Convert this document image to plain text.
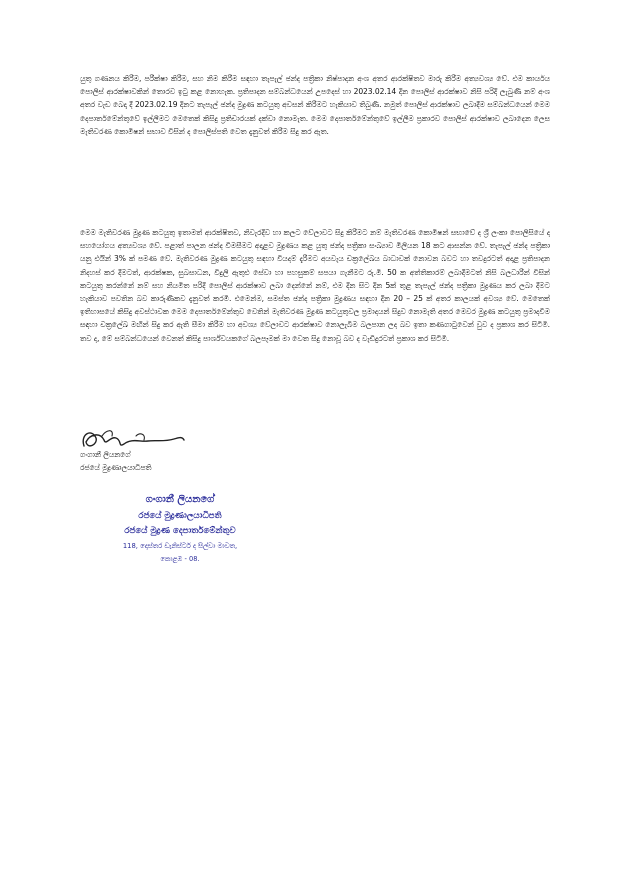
යුතු ගණනය කිරීම, පරීක්ෂා කිරීම, සහ නිම කිරීම සඳහා තැපැල් ඡන්ද පත්‍රිකා නිෂ්පාදන අංශ අතර ආරක්ෂිතව මාරු කිරීම අත්‍යවශ්‍ය වේ. එම කාර්යය පොලිස් ආරක්ෂාවකින් තොරව ඉටු කළ නොහැක. ප්‍රතිපාදන සම්බන්ධයෙන් උපදෙස් හා 2023.02.14 දින පොලිස් ආරක්ෂාව නිසි පරිදි ලැබුණි නම් අංශ අතර වැඩ බෙදා දී 2023.02.19 දිනට තැපැල් ඡන්ද මුද්‍රණ කටයුතු අවසන් කිරීමට හැකියාව තිබුණි. නමුත් පොලිස් ආරක්ෂාව ලබාදීම සම්බන්ධයෙන් මෙම දෙපාර්තමේන්තුවේ ඉල්ලීමට මෙතෙක් කිසිදු ප්‍රතිචාරයක් දක්වා නොමැත. මෙම දෙපාර්තමේන්තුවේ ඉල්ලීම ප්‍රකාරව පොලිස් ආරක්ෂාව ලබාදෙන ලෙස මැතිවරණ කොමිෂන් සභාව විසින් ද පොලිස්පති වෙත දැනුවත් කිරීම සිදු කර ඇත.

මෙම මැතිවරණ මුද්‍රණ කටයුතු ඉතාමත් ආරක්ෂිතව, නිවැරදිව හා කලට වේලාවට සිදු කිරීමට නම් මැතිවරණ කොමිෂන් සභාවේ ද ශ්‍රී ලංකා පොලිසියේ ද සහයෝගය අත්‍යවශ්‍ය වේ. පළාත් පාලන ඡන්ද විමසීමට අදාළව මුද්‍රණය කළ යුතු ඡන්ද පත්‍රිකා සංඛ්‍යාව මිලියන 18 කට ආසන්න වේ. තැපැල් ඡන්ද පත්‍රිකා යනු එයින් 3% ක් පමණ වේ. මැතිවරණ මුද්‍රණ කටයුතු සඳහා වියදම් දැරීමට අයවැය චක්‍රලේඛය බාධාවක් නොවන බවට හා තවදුරටත් අදාළ ප්‍රතිපාදන නිදහස් කර දීමටත්, ආරක්ෂක, සුබසාධන, විදුලි ඇතුළු සේවා හා පහසුකම් සපයා ගැනීමට රු.මි. 50 ක අත්තිකාරම් ලබාදීමටත් නිසි බලධාරීන් විසින් කටයුතු කරන්නේ නම් සහ නියමිත පරිදි පොලිස් ආරක්ෂාව ලබා දෙන්නේ නම්, එම දින සිට දින 5ක් තුළ තැපැල් ඡන්ද පත්‍රිකා මුද්‍රණය කර ලබා දීමට හැකියාව පවතින බව කාරුණිකව දැනුවත් කරමි. එමෙන්ම, සමස්ත ඡන්ද පත්‍රිකා මුද්‍රණය සඳහා දින 20 – 25 ක් අතර කාලයක් අවශ්‍ය වේ. මෙතෙක් ඉතිහාසයේ කිසිදු අවස්ථාවක මෙම දෙපාර්තමේන්තුව වෙතින් මැතිවරණ මුද්‍රණ කටයුතුවල ප්‍රමාදයන් සිදුව නොමැති අතර මෙවර මුද්‍රණ කටයුතු ප්‍රමාදවීම සඳහා චක්‍රලේඛ මඟින් සිදු කර ඇති සීමා කිරීම හා අවශ්‍ය වේලාවට ආරක්ෂාව නොලැබීම බලපාන ලද බව ඉතා කණගාටුවෙන් වුව ද ප්‍රකාශ කර සිටිමි. තව ද, මේ සම්බන්ධයෙන් වෙනත් කිසිදු පාර්ශ්වයකගේ බලපෑමක් මා වෙත සිදු නොවූ බව ද වැඩිදුරටත් ප්‍රකාශ කර සිටිමි.

ගංගානී ලියනගේ
රජයේ මුද්‍රණාලයාධිපති
ගංගානී ලියනගේ
රජයේ මුද්‍රණාලයාධිපති
රජයේ මුද්‍රණ දෙපාර්තමේන්තුව
118, දොස්තර ඩැනිස්ටර් ද සිල්වා මාවත,
කොළඹ - 08.
